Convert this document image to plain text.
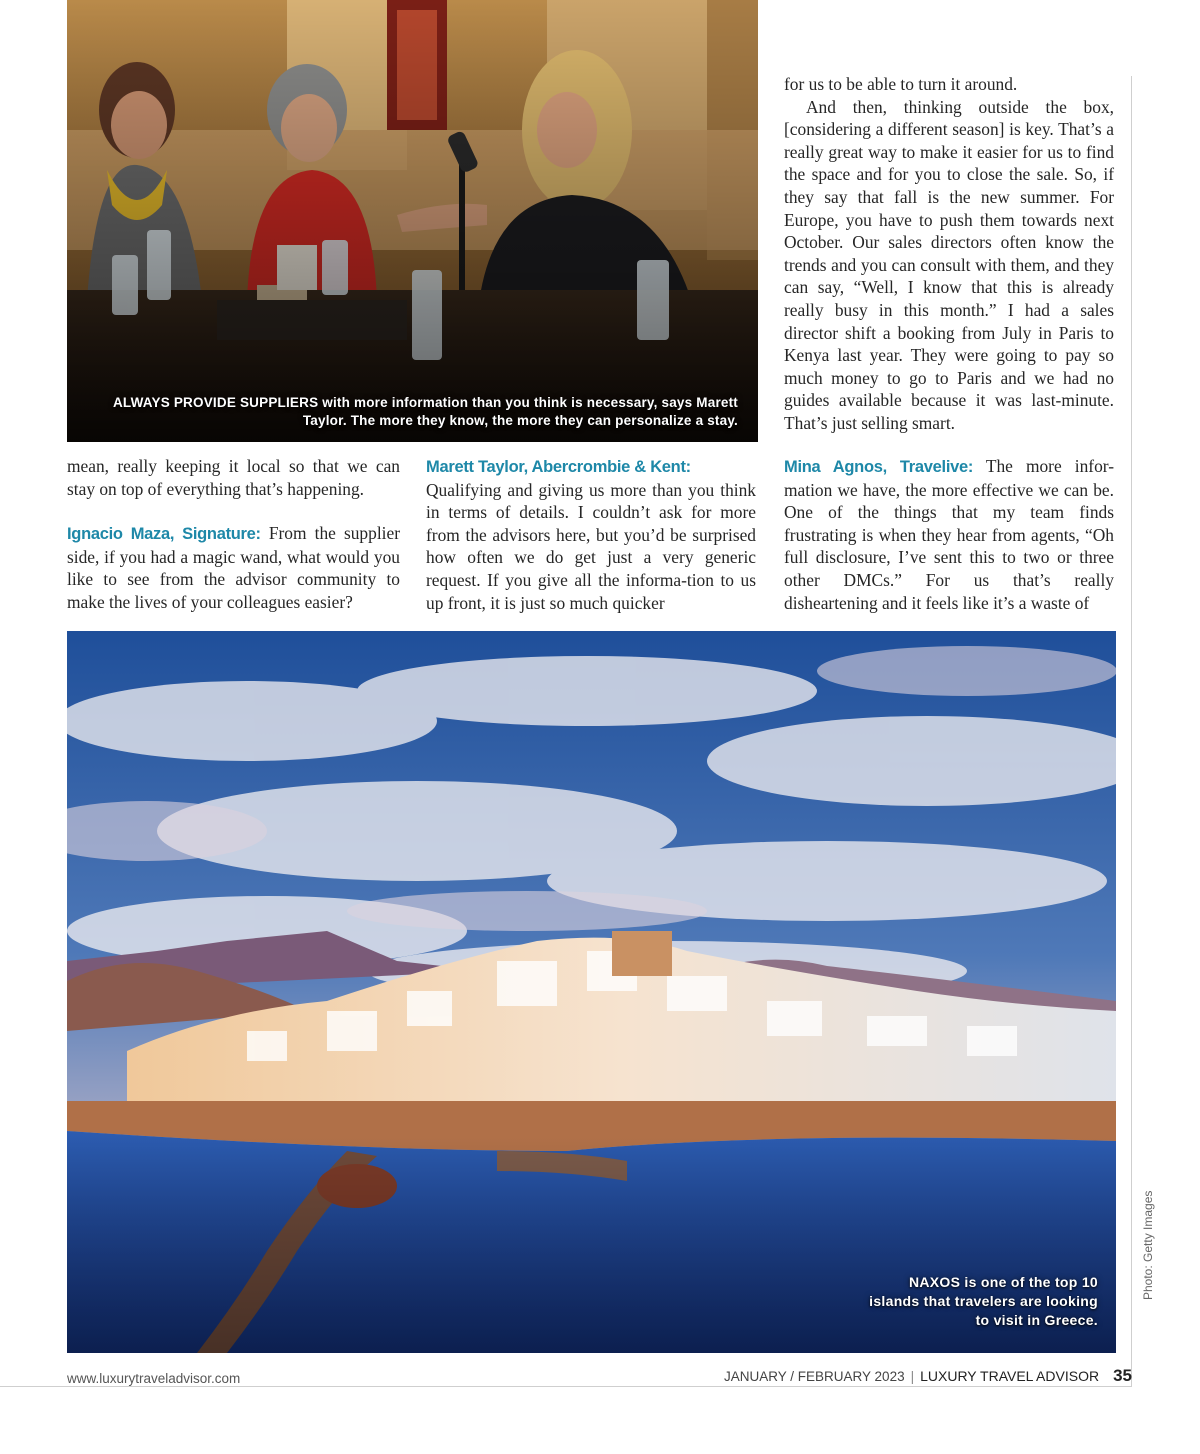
ALWAYS PROVIDE SUPPLIERS with more information than you think is necessary, says Marett Taylor. The more they know, the more they can personalize a stay.

for us to be able to turn it around.

And then, thinking outside the box, [considering a different season] is key. That’s a really great way to make it easier for us to find the space and for you to close the sale. So, if they say that fall is the new summer. For Europe, you have to push them towards next October. Our sales directors often know the trends and you can consult with them, and they can say, “Well, I know that this is already really busy in this month.” I had a sales director shift a booking from July in Paris to Kenya last year. They were going to pay so much money to go to Paris and we had no guides available because it was last-minute. That’s just selling smart.

mean, really keeping it local so that we can stay on top of everything that’s happening.

Ignacio Maza, Signature: From the supplier side, if you had a magic wand, what would you like to see from the advisor community to make the lives of your colleagues easier?

Marett Taylor, Abercrombie & Kent:
Qualifying and giving us more than you think in terms of details. I couldn’t ask for more from the advisors here, but you’d be surprised how often we do get just a very generic request. If you give all the informa-tion to us up front, it is just so much quicker

Mina Agnos, Travelive: The more infor-mation we have, the more effective we can be. One of the things that my team finds frustrating is when they hear from agents, “Oh full disclosure, I’ve sent this to two or three other DMCs.” For us that’s really disheartening and it feels like it’s a waste of

NAXOS is one of the top 10 islands that travelers are looking to visit in Greece.
Photo: Getty Images
www.luxurytraveladvisor.com	JANUARY / FEBRUARY 2023 | LUXURY TRAVEL ADVISOR 35
